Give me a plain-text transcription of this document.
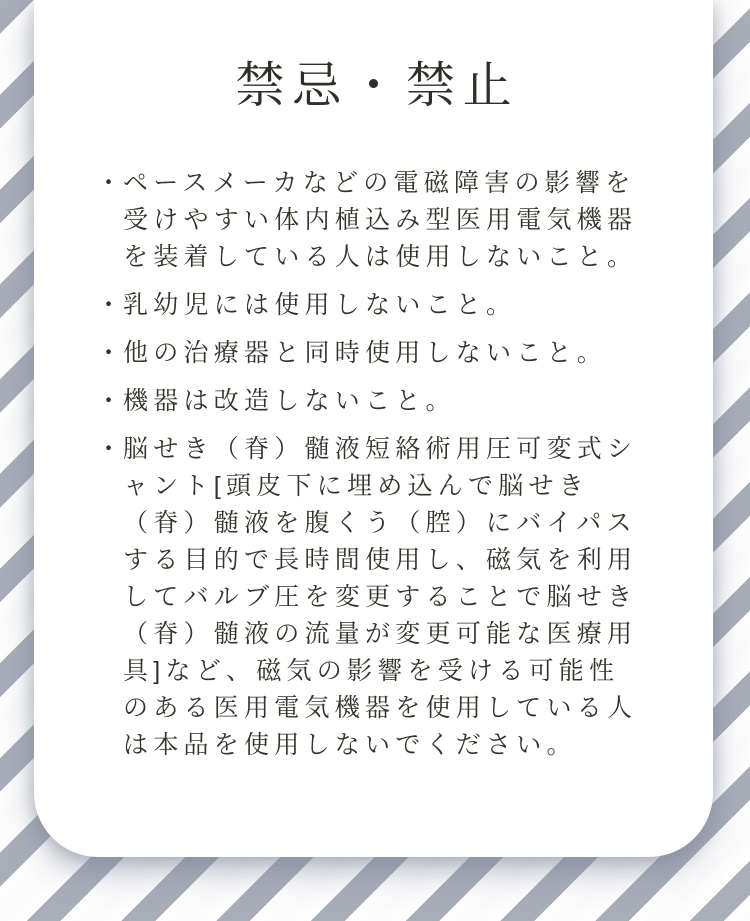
禁忌・禁止
・ ペースメーカなどの電磁障害の影響を受けやすい体内植込み型医用電気機器を装着している人は使用しないこと。
・ 乳幼児には使用しないこと。
・ 他の治療器と同時使用しないこと。
・ 機器は改造しないこと。
・ 脳せき（脊）髄液短絡術用圧可変式シャント[頭皮下に埋め込んで脳せき（脊）髄液を腹くう（腔）にバイパスする目的で長時間使用し、磁気を利用してバルブ圧を変更することで脳せき（脊）髄液の流量が変更可能な医療用具]など、磁気の影響を受ける可能性のある医用電気機器を使用している人は本品を使用しないでください。
